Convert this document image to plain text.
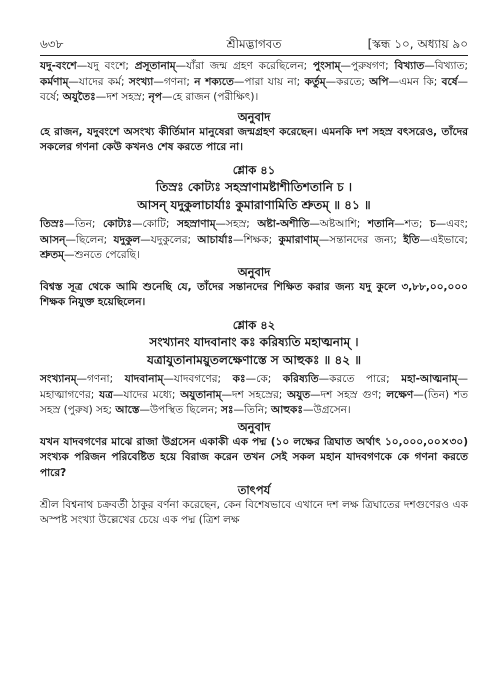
৬৩৮	শ্রীমদ্ভাগবত	[স্কন্ধ ১০, অধ্যায় ৯০

যদু-বংশে—যদু বংশে; প্রসূতানাম্—যাঁরা জন্ম গ্রহণ করেছিলেন; পুংসাম্—পুরুষগণ; বিখ্যাত—বিখ্যাত; কর্মণাম্—যাদের কর্ম; সংখ্যা—গণনা; ন শক্যতে—পারা যায় না; কর্তুম্—করতে; অপি—এমন কি; বর্ষে—বর্ষে; অযুতৈঃ—দশ সহস্র; নৃপ—হে রাজন (পরীক্ষিৎ)।

অনুবাদ

হে রাজন, যদুবংশে অসংখ্য কীর্তিমান মানুষেরা জন্মগ্রহণ করেছেন। এমনকি দশ সহস্র বৎসরেও, তাঁদের সকলের গণনা কেউ কখনও শেষ করতে পারে না।

শ্লোক ৪১

তিস্রঃ কোট্যঃ সহস্রাণামষ্টাশীতিশতানি চ ।

আসন্ যদুকুলাচার্যাঃ কুমারাণামিতি শ্রুতম্ ॥ ৪১ ॥

তিস্রঃ—তিন; কোট্যঃ—কোটি; সহস্রাণাম্—সহস্র; অষ্টা-অশীতি—অষ্টআশি; শতানি—শত; চ—এবং; আসন্—ছিলেন; যদুকুল—যদুকুলের; আচার্যাঃ—শিক্ষক; কুমারাণাম্—সন্তানদের জন্য; ইতি—এইভাবে; শ্রুতম্—শুনতে পেরেছি।

অনুবাদ

বিশ্বস্ত সূত্র থেকে আমি শুনেছি যে, তাঁদের সন্তানদের শিক্ষিত করার জন্য যদু কুলে ৩,৮৮,০০,০০০ শিক্ষক নিযুক্ত হয়েছিলেন।

শ্লোক ৪২

সংখ্যানং যাদবানাং কঃ করিষ্যতি মহাত্মনাম্ ।

যত্রাযুতানাময়ুতলক্ষেণাস্তে স আহুকঃ ॥ ৪২ ॥

সংখ্যানম্—গণনা; যাদবানাম্—যাদবগণের; কঃ—কে; করিষ্যতি—করতে পারে; মহা-আত্মনাম্—মহাত্মাগণের; যত্র—যাদের মধ্যে; অযুতানাম্—দশ সহস্রের; অযুত—দশ সহস্র গুণ; লক্ষেণ—(তিন) শত সহস্র (পুরুষ) সহ; আস্তে—উপস্থিত ছিলেন; সঃ—তিনি; আহুকঃ—উগ্রসেন।

অনুবাদ

যখন যাদবগণের মাঝে রাজা উগ্রসেন একাকী এক পদ্ম (১০ লক্ষের ত্রিঘাত অর্থাৎ ১০,০০০,০০×৩০) সংখ্যক পরিজন পরিবেষ্টিত হয়ে বিরাজ করেন তখন সেই সকল মহান যাদবগণকে কে গণনা করতে পারে?

তাৎপর্য

শ্রীল বিশ্বনাথ চক্রবর্তী ঠাকুর বর্ণনা করেছেন, কেন বিশেষভাবে এখানে দশ লক্ষ ত্রিঘাতের দশগুণেরও এক অস্পষ্ট সংখ্যা উল্লেখের চেয়ে এক পদ্ম (ত্রিশ লক্ষ
